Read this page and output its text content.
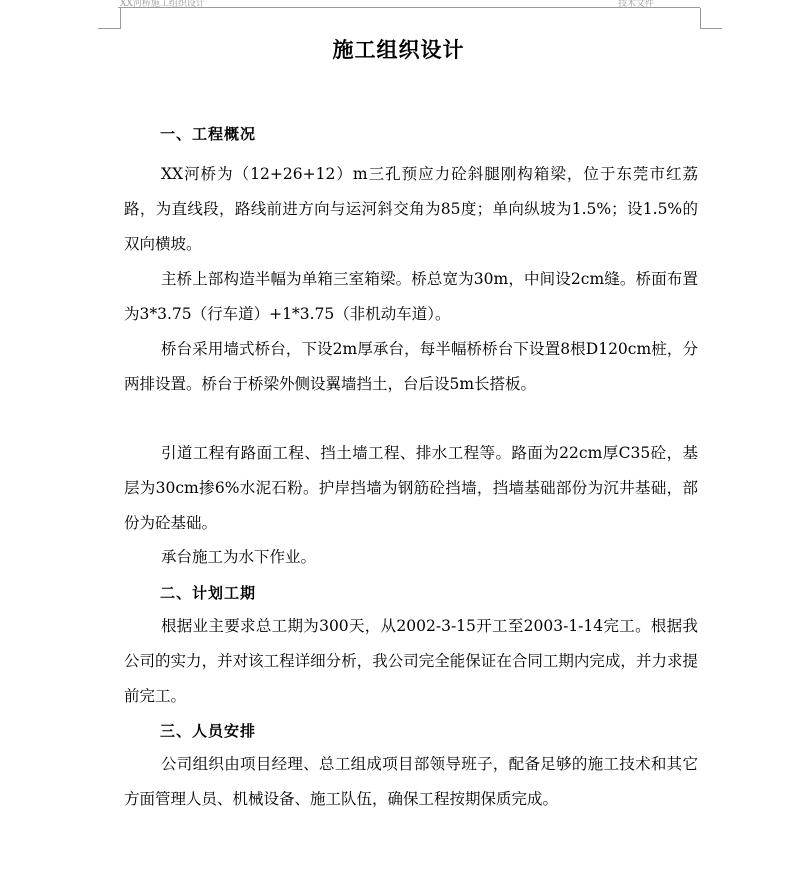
XX河桥施工组织设计	技术文件
施工组织设计
一、工程概况

XX河桥为（12+26+12）m三孔预应力砼斜腿刚构箱梁，位于东莞市红荔路，为直线段，路线前进方向与运河斜交角为85度；单向纵坡为1.5%；设1.5%的双向横坡。

主桥上部构造半幅为单箱三室箱梁。桥总宽为30m，中间设2cm缝。桥面布置为3*3.75（行车道）+1*3.75（非机动车道）。

桥台采用墙式桥台，下设2m厚承台，每半幅桥桥台下设置8根D120cm桩，分两排设置。桥台于桥梁外侧设翼墙挡土，台后设5m长搭板。

引道工程有路面工程、挡土墙工程、排水工程等。路面为22cm厚C35砼，基层为30cm掺6%水泥石粉。护岸挡墙为钢筋砼挡墙，挡墙基础部份为沉井基础，部份为砼基础。

承台施工为水下作业。

二、计划工期

根据业主要求总工期为300天，从2002-3-15开工至2003-1-14完工。根据我公司的实力，并对该工程详细分析，我公司完全能保证在合同工期内完成，并力求提前完工。

三、人员安排

公司组织由项目经理、总工组成项目部领导班子，配备足够的施工技术和其它方面管理人员、机械设备、施工队伍，确保工程按期保质完成。
